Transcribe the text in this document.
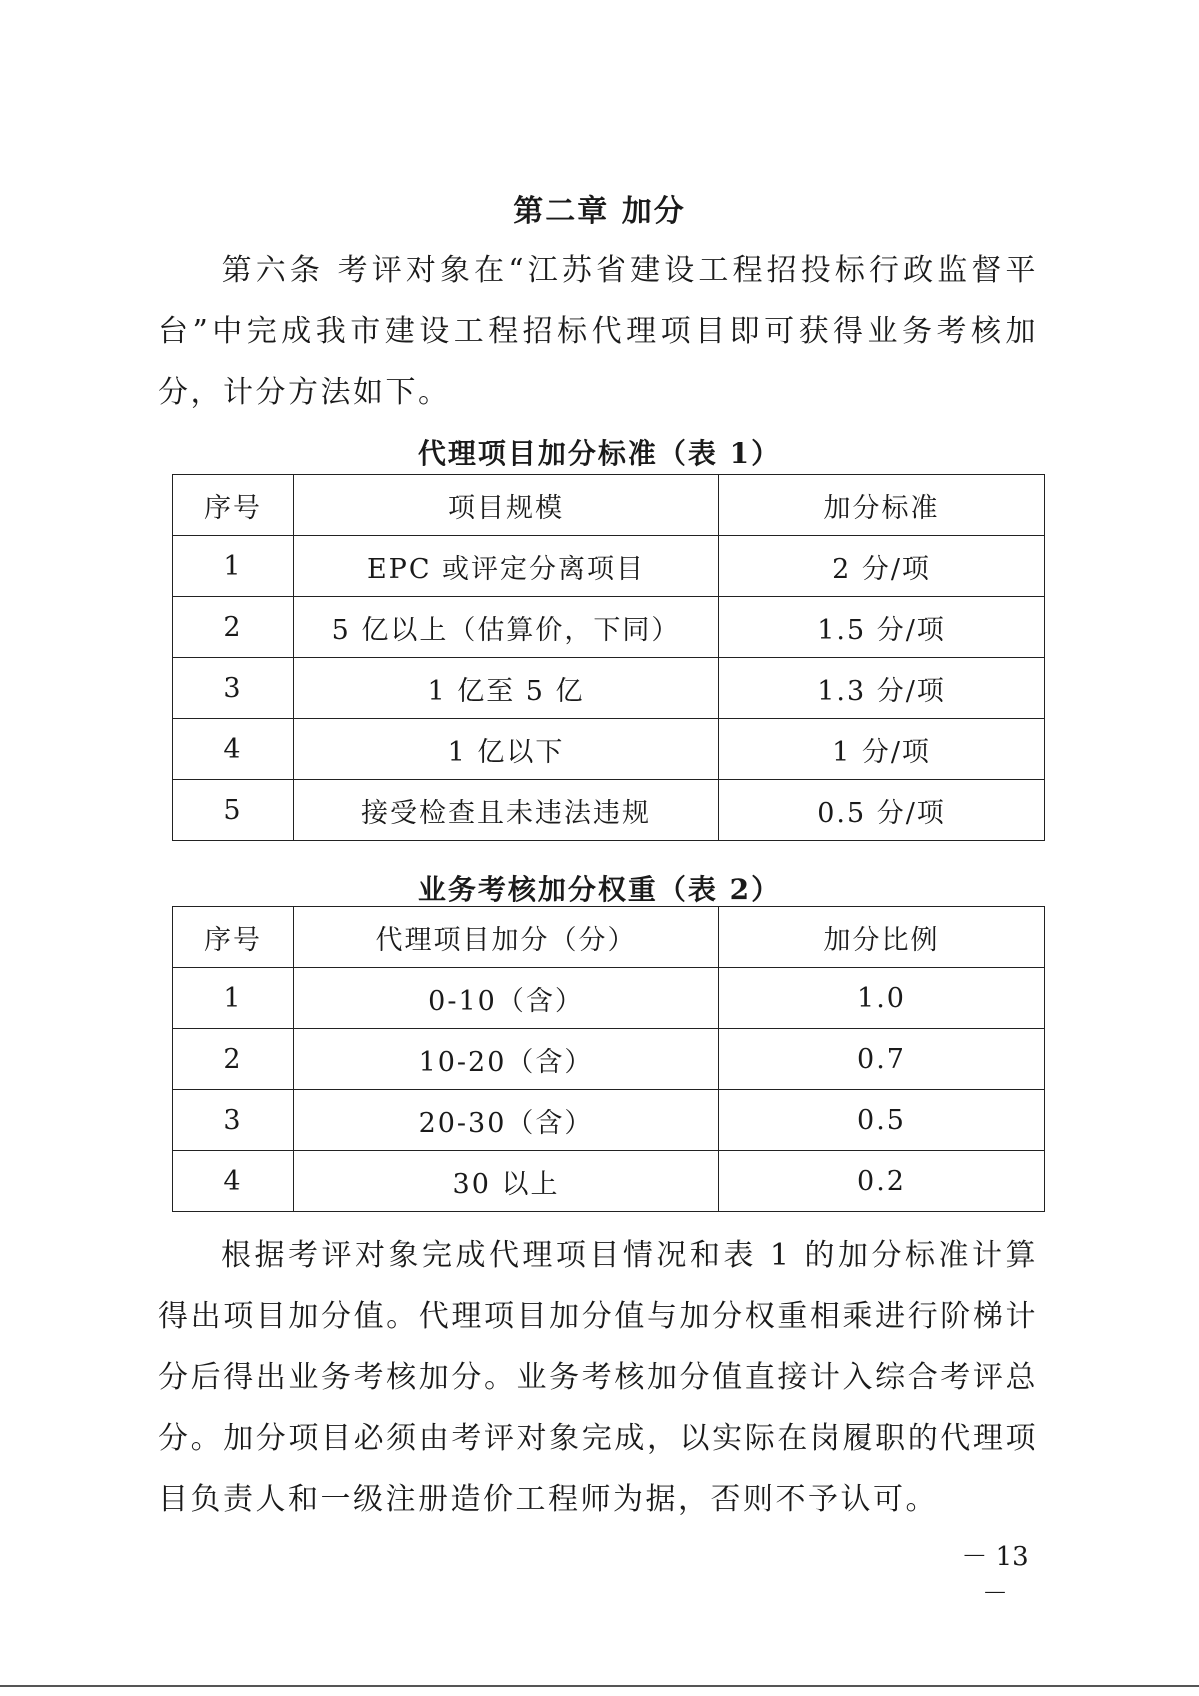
第二章 加分

第六条 考评对象在“江苏省建设工程招投标行政监督平台”中完成我市建设工程招标代理项目即可获得业务考核加分，计分方法如下。

代理项目加分标准（表 1）
序号	项目规模	加分标准
1	EPC 或评定分离项目	2 分/项
2	5 亿以上（估算价，下同）	1.5 分/项
3	1 亿至 5 亿	1.3 分/项
4	1 亿以下	1 分/项
5	接受检查且未违法违规	0.5 分/项
业务考核加分权重（表 2）
序号	代理项目加分（分）	加分比例
1	0-10（含）	1.0
2	10-20（含）	0.7
3	20-30（含）	0.5
4	30 以上	0.2

根据考评对象完成代理项目情况和表 1 的加分标准计算得出项目加分值。代理项目加分值与加分权重相乘进行阶梯计分后得出业务考核加分。业务考核加分值直接计入综合考评总分。加分项目必须由考评对象完成，以实际在岗履职的代理项目负责人和一级注册造价工程师为据，否则不予认可。

－ 13 －
